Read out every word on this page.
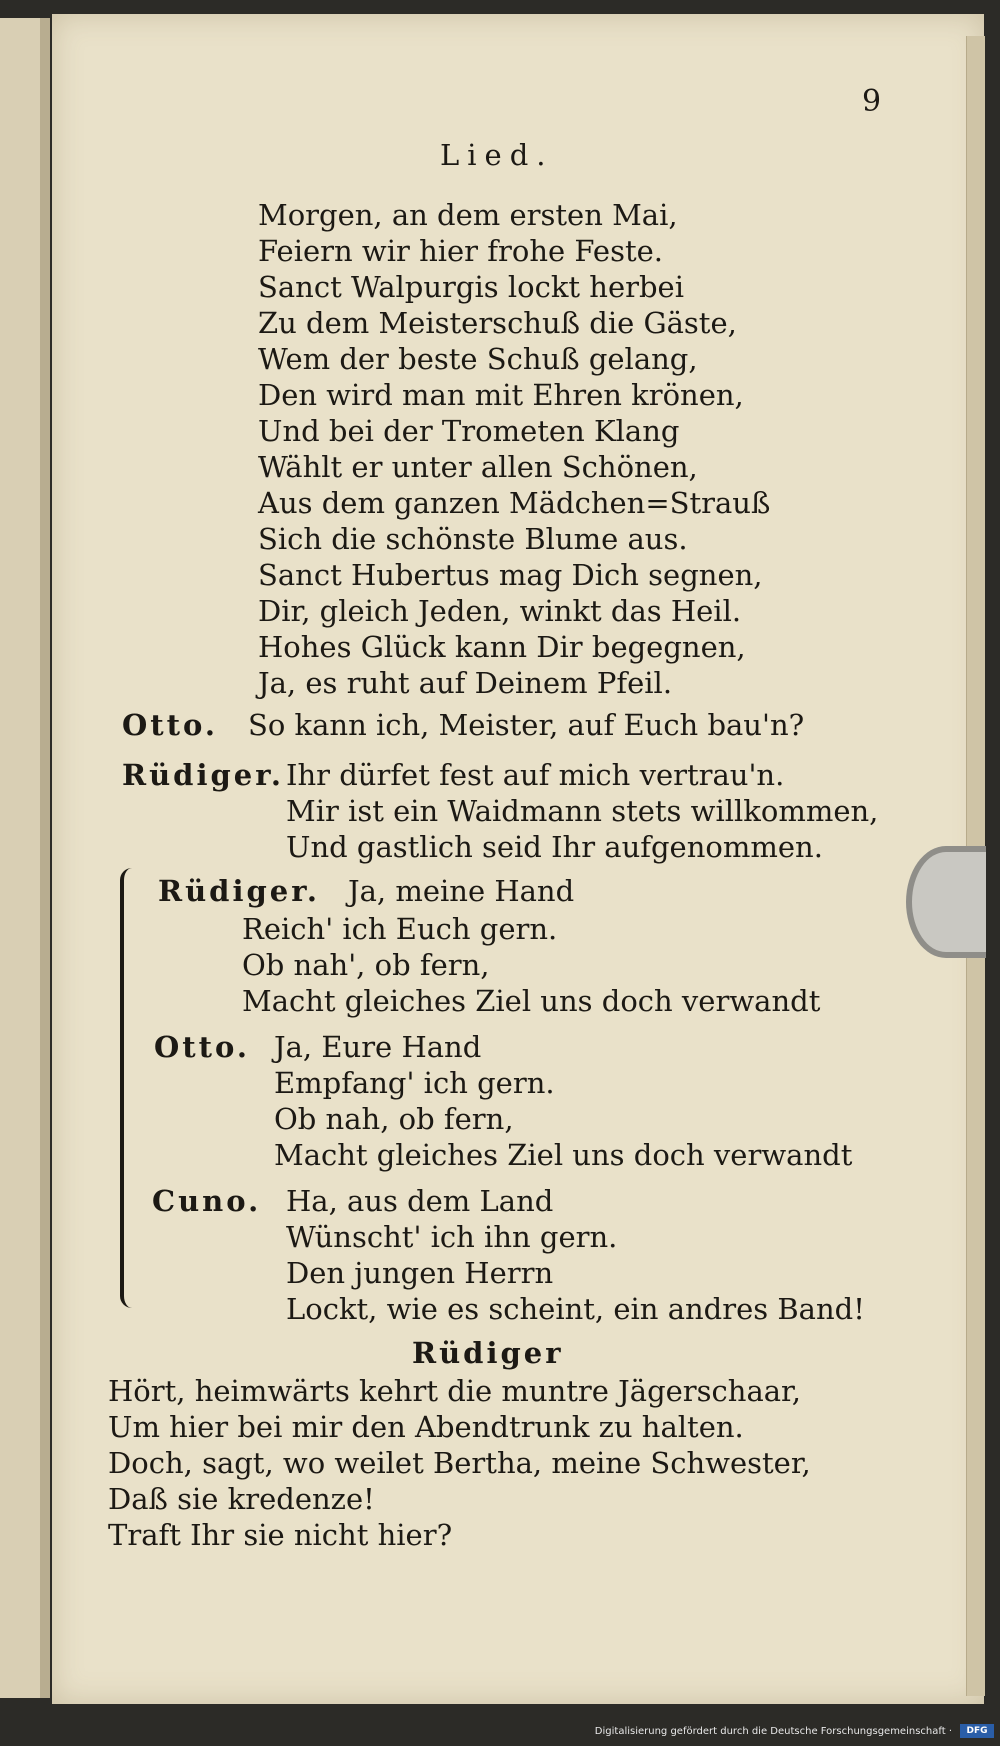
9
Lied.
Morgen, an dem ersten Mai,
Feiern wir hier frohe Feste.
Sanct Walpurgis lockt herbei
Zu dem Meisterschuß die Gäste,
Wem der beste Schuß gelang,
Den wird man mit Ehren krönen,
Und bei der Trometen Klang
Wählt er unter allen Schönen,
Aus dem ganzen Mädchen=Strauß
Sich die schönste Blume aus.
Sanct Hubertus mag Dich segnen,
Dir, gleich Jeden, winkt das Heil.
Hohes Glück kann Dir begegnen,
Ja, es ruht auf Deinem Pfeil.
Otto. So kann ich, Meister, auf Euch bau'n?
Rüdiger. Ihr dürfet fest auf mich vertrau'n.
Mir ist ein Waidmann stets willkommen,
Und gastlich seid Ihr aufgenommen.
Rüdiger. Ja, meine Hand
Reich' ich Euch gern.
Ob nah', ob fern,
Macht gleiches Ziel uns doch verwandt
Otto. Ja, Eure Hand
Empfang' ich gern.
Ob nah, ob fern,
Macht gleiches Ziel uns doch verwandt
Cuno. Ha, aus dem Land
Wünscht' ich ihn gern.
Den jungen Herrn
Lockt, wie es scheint, ein andres Band!
Rüdiger
Hört, heimwärts kehrt die muntre Jägerschaar,
Um hier bei mir den Abendtrunk zu halten.
Doch, sagt, wo weilet Bertha, meine Schwester,
Daß sie kredenze!
Traft Ihr sie nicht hier?
Digitalisierung gefördert durch die Deutsche Forschungsgemeinschaft ·	DFG
